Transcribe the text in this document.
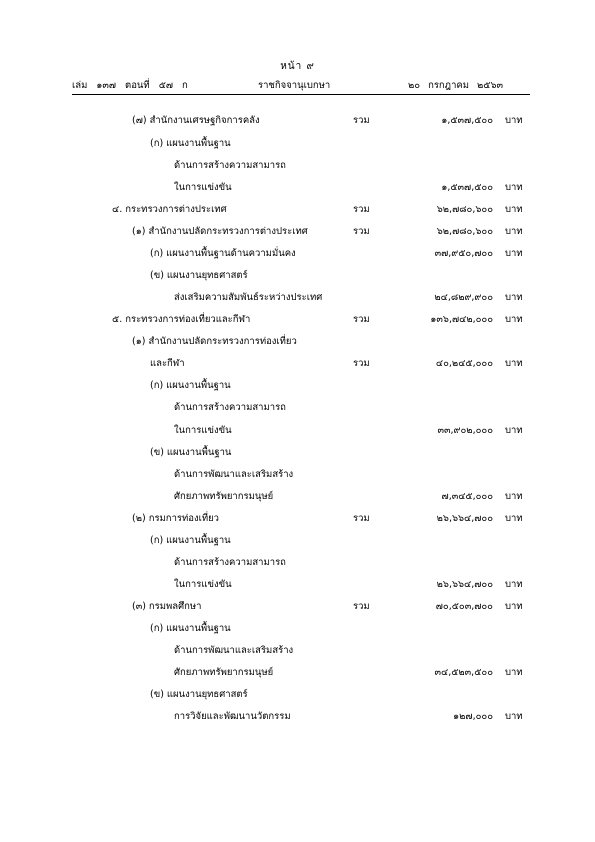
หน้า ๙
เล่ม ๑๓๗ ตอนที่ ๕๗ ก	ราชกิจจานุเบกษา	๒๐ กรกฎาคม ๒๕๖๓
(๗) สำนักงานเศรษฐกิจการคลัง	รวม	๑,๕๓๗,๕๐๐ บาท
(ก) แผนงานพื้นฐาน
ด้านการสร้างความสามารถ
ในการแข่งขัน	๑,๕๓๗,๕๐๐ บาท
๔. กระทรวงการต่างประเทศ	รวม	๖๒,๗๘๐,๖๐๐ บาท
(๑) สำนักงานปลัดกระทรวงการต่างประเทศ	รวม	๖๒,๗๘๐,๖๐๐ บาท
(ก) แผนงานพื้นฐานด้านความมั่นคง	๓๗,๙๕๐,๗๐๐ บาท
(ข) แผนงานยุทธศาสตร์
ส่งเสริมความสัมพันธ์ระหว่างประเทศ	๒๔,๘๒๙,๙๐๐ บาท
๕. กระทรวงการท่องเที่ยวและกีฬา	รวม	๑๓๖,๗๔๒,๐๐๐ บาท
(๑) สำนักงานปลัดกระทรวงการท่องเที่ยว
และกีฬา	รวม	๔๐,๒๔๕,๐๐๐ บาท
(ก) แผนงานพื้นฐาน
ด้านการสร้างความสามารถ
ในการแข่งขัน	๓๓,๙๐๒,๐๐๐ บาท
(ข) แผนงานพื้นฐาน
ด้านการพัฒนาและเสริมสร้าง
ศักยภาพทรัพยากรมนุษย์	๗,๓๔๕,๐๐๐ บาท
(๒) กรมการท่องเที่ยว	รวม	๒๖,๖๖๔,๗๐๐ บาท
(ก) แผนงานพื้นฐาน
ด้านการสร้างความสามารถ
ในการแข่งขัน	๒๖,๖๖๔,๗๐๐ บาท
(๓) กรมพลศึกษา	รวม	๗๐,๕๐๓,๗๐๐ บาท
(ก) แผนงานพื้นฐาน
ด้านการพัฒนาและเสริมสร้าง
ศักยภาพทรัพยากรมนุษย์	๓๔,๕๒๓,๕๐๐ บาท
(ข) แผนงานยุทธศาสตร์
การวิจัยและพัฒนานวัตกรรม	๑๒๗,๐๐๐ บาท
